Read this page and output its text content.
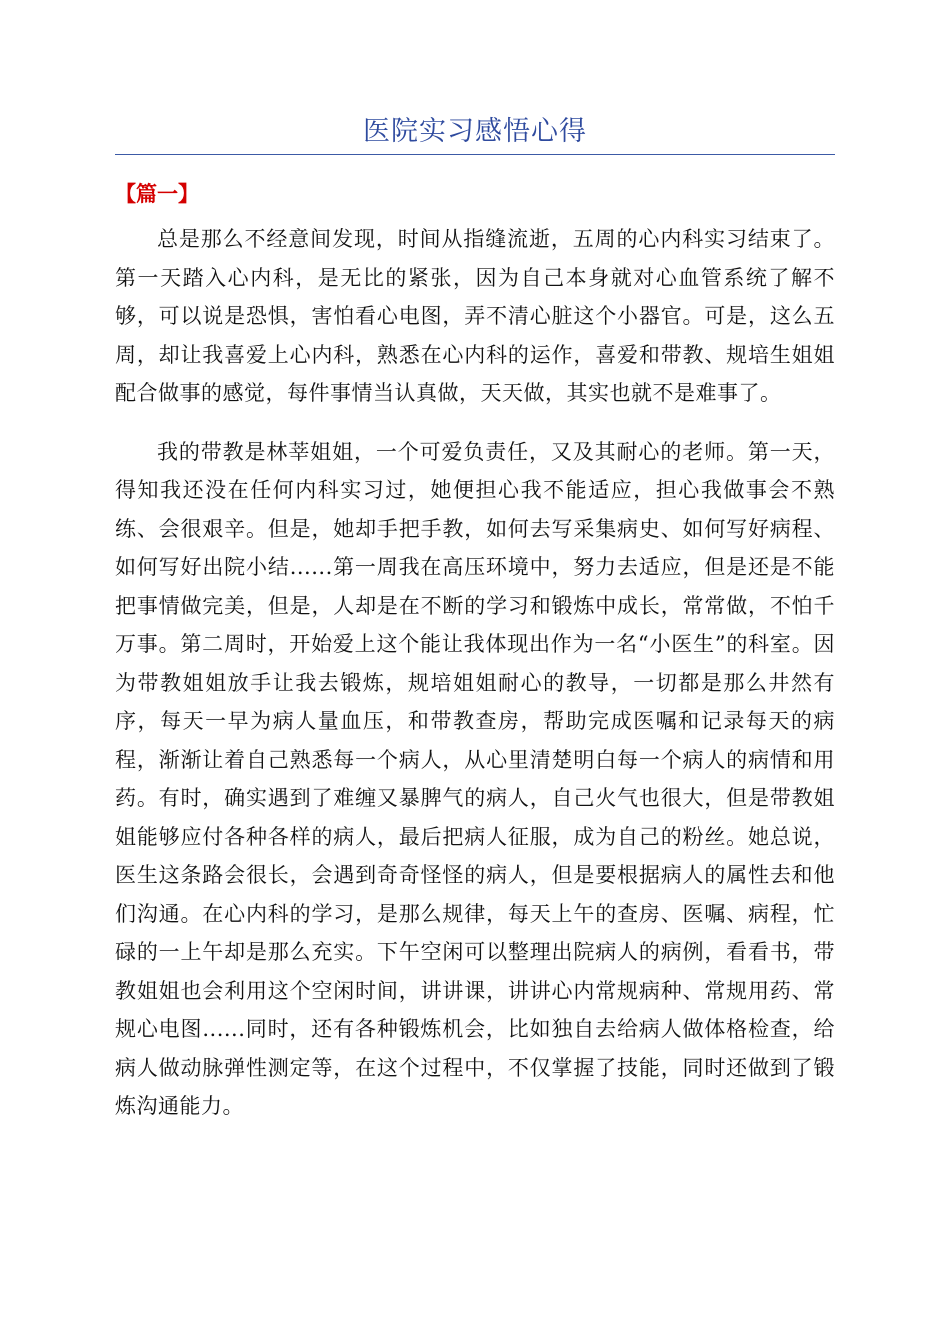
医院实习感悟心得
【篇一】

总是那么不经意间发现，时间从指缝流逝，五周的心内科实习结束了。第一天踏入心内科，是无比的紧张，因为自己本身就对心血管系统了解不够，可以说是恐惧，害怕看心电图，弄不清心脏这个小器官。可是，这么五周，却让我喜爱上心内科，熟悉在心内科的运作，喜爱和带教、规培生姐姐配合做事的感觉，每件事情当认真做，天天做，其实也就不是难事了。

我的带教是林莘姐姐，一个可爱负责任，又及其耐心的老师。第一天，得知我还没在任何内科实习过，她便担心我不能适应，担心我做事会不熟练、会很艰辛。但是，她却手把手教，如何去写采集病史、如何写好病程、如何写好出院小结......第一周我在高压环境中，努力去适应，但是还是不能把事情做完美，但是，人却是在不断的学习和锻炼中成长，常常做，不怕千万事。第二周时，开始爱上这个能让我体现出作为一名“小医生”的科室。因为带教姐姐放手让我去锻炼，规培姐姐耐心的教导，一切都是那么井然有序，每天一早为病人量血压，和带教查房，帮助完成医嘱和记录每天的病程，渐渐让着自己熟悉每一个病人，从心里清楚明白每一个病人的病情和用药。有时，确实遇到了难缠又暴脾气的病人，自己火气也很大，但是带教姐姐能够应付各种各样的病人，最后把病人征服，成为自己的粉丝。她总说，医生这条路会很长，会遇到奇奇怪怪的病人，但是要根据病人的属性去和他们沟通。在心内科的学习，是那么规律，每天上午的查房、医嘱、病程，忙碌的一上午却是那么充实。下午空闲可以整理出院病人的病例，看看书，带教姐姐也会利用这个空闲时间，讲讲课，讲讲心内常规病种、常规用药、常规心电图......同时，还有各种锻炼机会，比如独自去给病人做体格检查，给病人做动脉弹性测定等，在这个过程中，不仅掌握了技能，同时还做到了锻炼沟通能力。
